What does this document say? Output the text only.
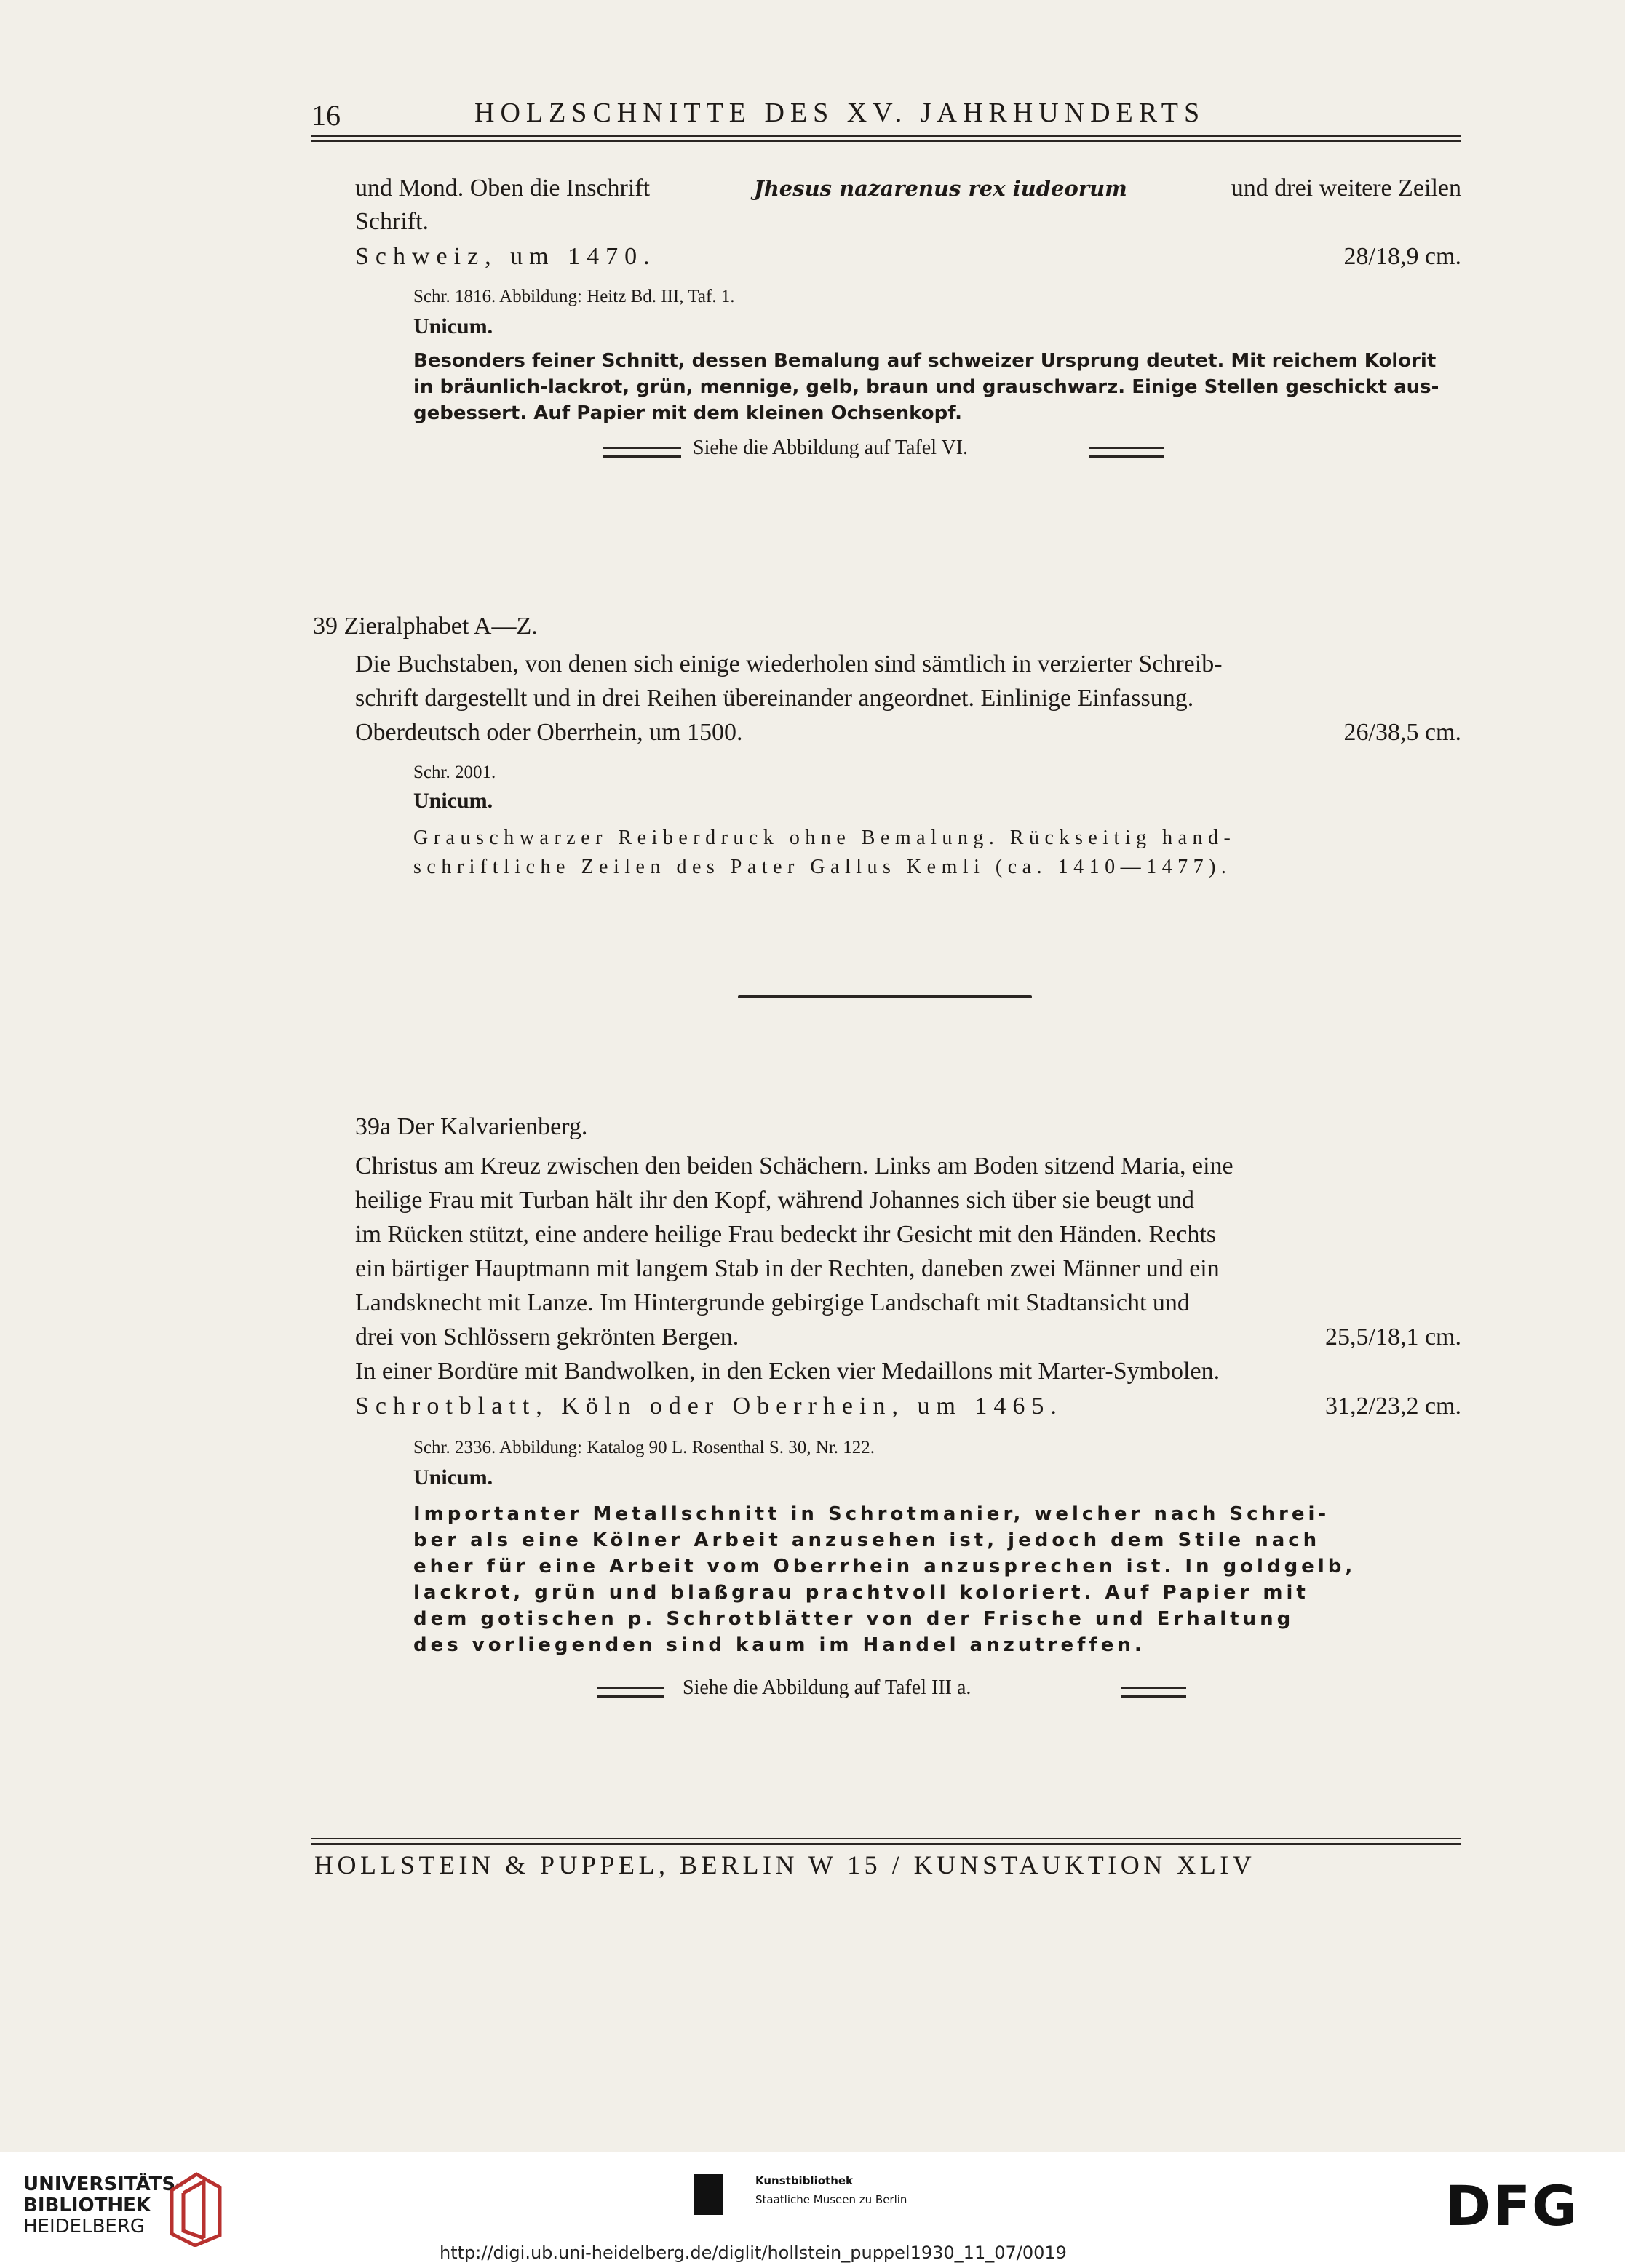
16	HOLZSCHNITTE DES XV. JAHRHUNDERTS
und Mond. Oben die Inschrift	Jhesus nazarenus rex iudeorum	und drei weitere Zeilen
Schrift.
Schweiz, um 1470.	28/18,9 cm.
Schr. 1816. Abbildung: Heitz Bd. III, Taf. 1.
Unicum.
Besonders feiner Schnitt, dessen Bemalung auf schweizer Ursprung deutet. Mit reichem Kolorit
in bräunlich-lackrot, grün, mennige, gelb, braun und grauschwarz. Einige Stellen geschickt aus-
gebessert. Auf Papier mit dem kleinen Ochsenkopf.
Siehe die Abbildung auf Tafel VI.
39 Zieralphabet A—Z.
Die Buchstaben, von denen sich einige wiederholen sind sämtlich in verzierter Schreib-
schrift dargestellt und in drei Reihen übereinander angeordnet. Einlinige Einfassung.
Oberdeutsch oder Oberrhein, um 1500.	26/38,5 cm.
Schr. 2001.
Unicum.
Grauschwarzer Reiberdruck ohne Bemalung. Rückseitig hand-
schriftliche Zeilen des Pater Gallus Kemli (ca. 1410—1477).
39a Der Kalvarienberg.
Christus am Kreuz zwischen den beiden Schächern. Links am Boden sitzend Maria, eine
heilige Frau mit Turban hält ihr den Kopf, während Johannes sich über sie beugt und
im Rücken stützt, eine andere heilige Frau bedeckt ihr Gesicht mit den Händen. Rechts
ein bärtiger Hauptmann mit langem Stab in der Rechten, daneben zwei Männer und ein
Landsknecht mit Lanze. Im Hintergrunde gebirgige Landschaft mit Stadtansicht und
drei von Schlössern gekrönten Bergen.	25,5/18,1 cm.
In einer Bordüre mit Bandwolken, in den Ecken vier Medaillons mit Marter-Symbolen.
Schrotblatt, Köln oder Oberrhein, um 1465.	31,2/23,2 cm.
Schr. 2336. Abbildung: Katalog 90 L. Rosenthal S. 30, Nr. 122.
Unicum.
Importanter Metallschnitt in Schrotmanier, welcher nach Schrei-
ber als eine Kölner Arbeit anzusehen ist, jedoch dem Stile nach
eher für eine Arbeit vom Oberrhein anzusprechen ist. In goldgelb,
lackrot, grün und blaßgrau prachtvoll koloriert. Auf Papier mit
dem gotischen p. Schrotblätter von der Frische und Erhaltung
des vorliegenden sind kaum im Handel anzutreffen.
Siehe die Abbildung auf Tafel III a.
HOLLSTEIN & PUPPEL, BERLIN W 15 / KUNSTAUKTION XLIV
UNIVERSITÄTS-
BIBLIOTHEK
HEIDELBERG
Kunstbibliothek
Staatliche Museen zu Berlin	DFG
http://digi.ub.uni-heidelberg.de/diglit/hollstein_puppel1930_11_07/0019
